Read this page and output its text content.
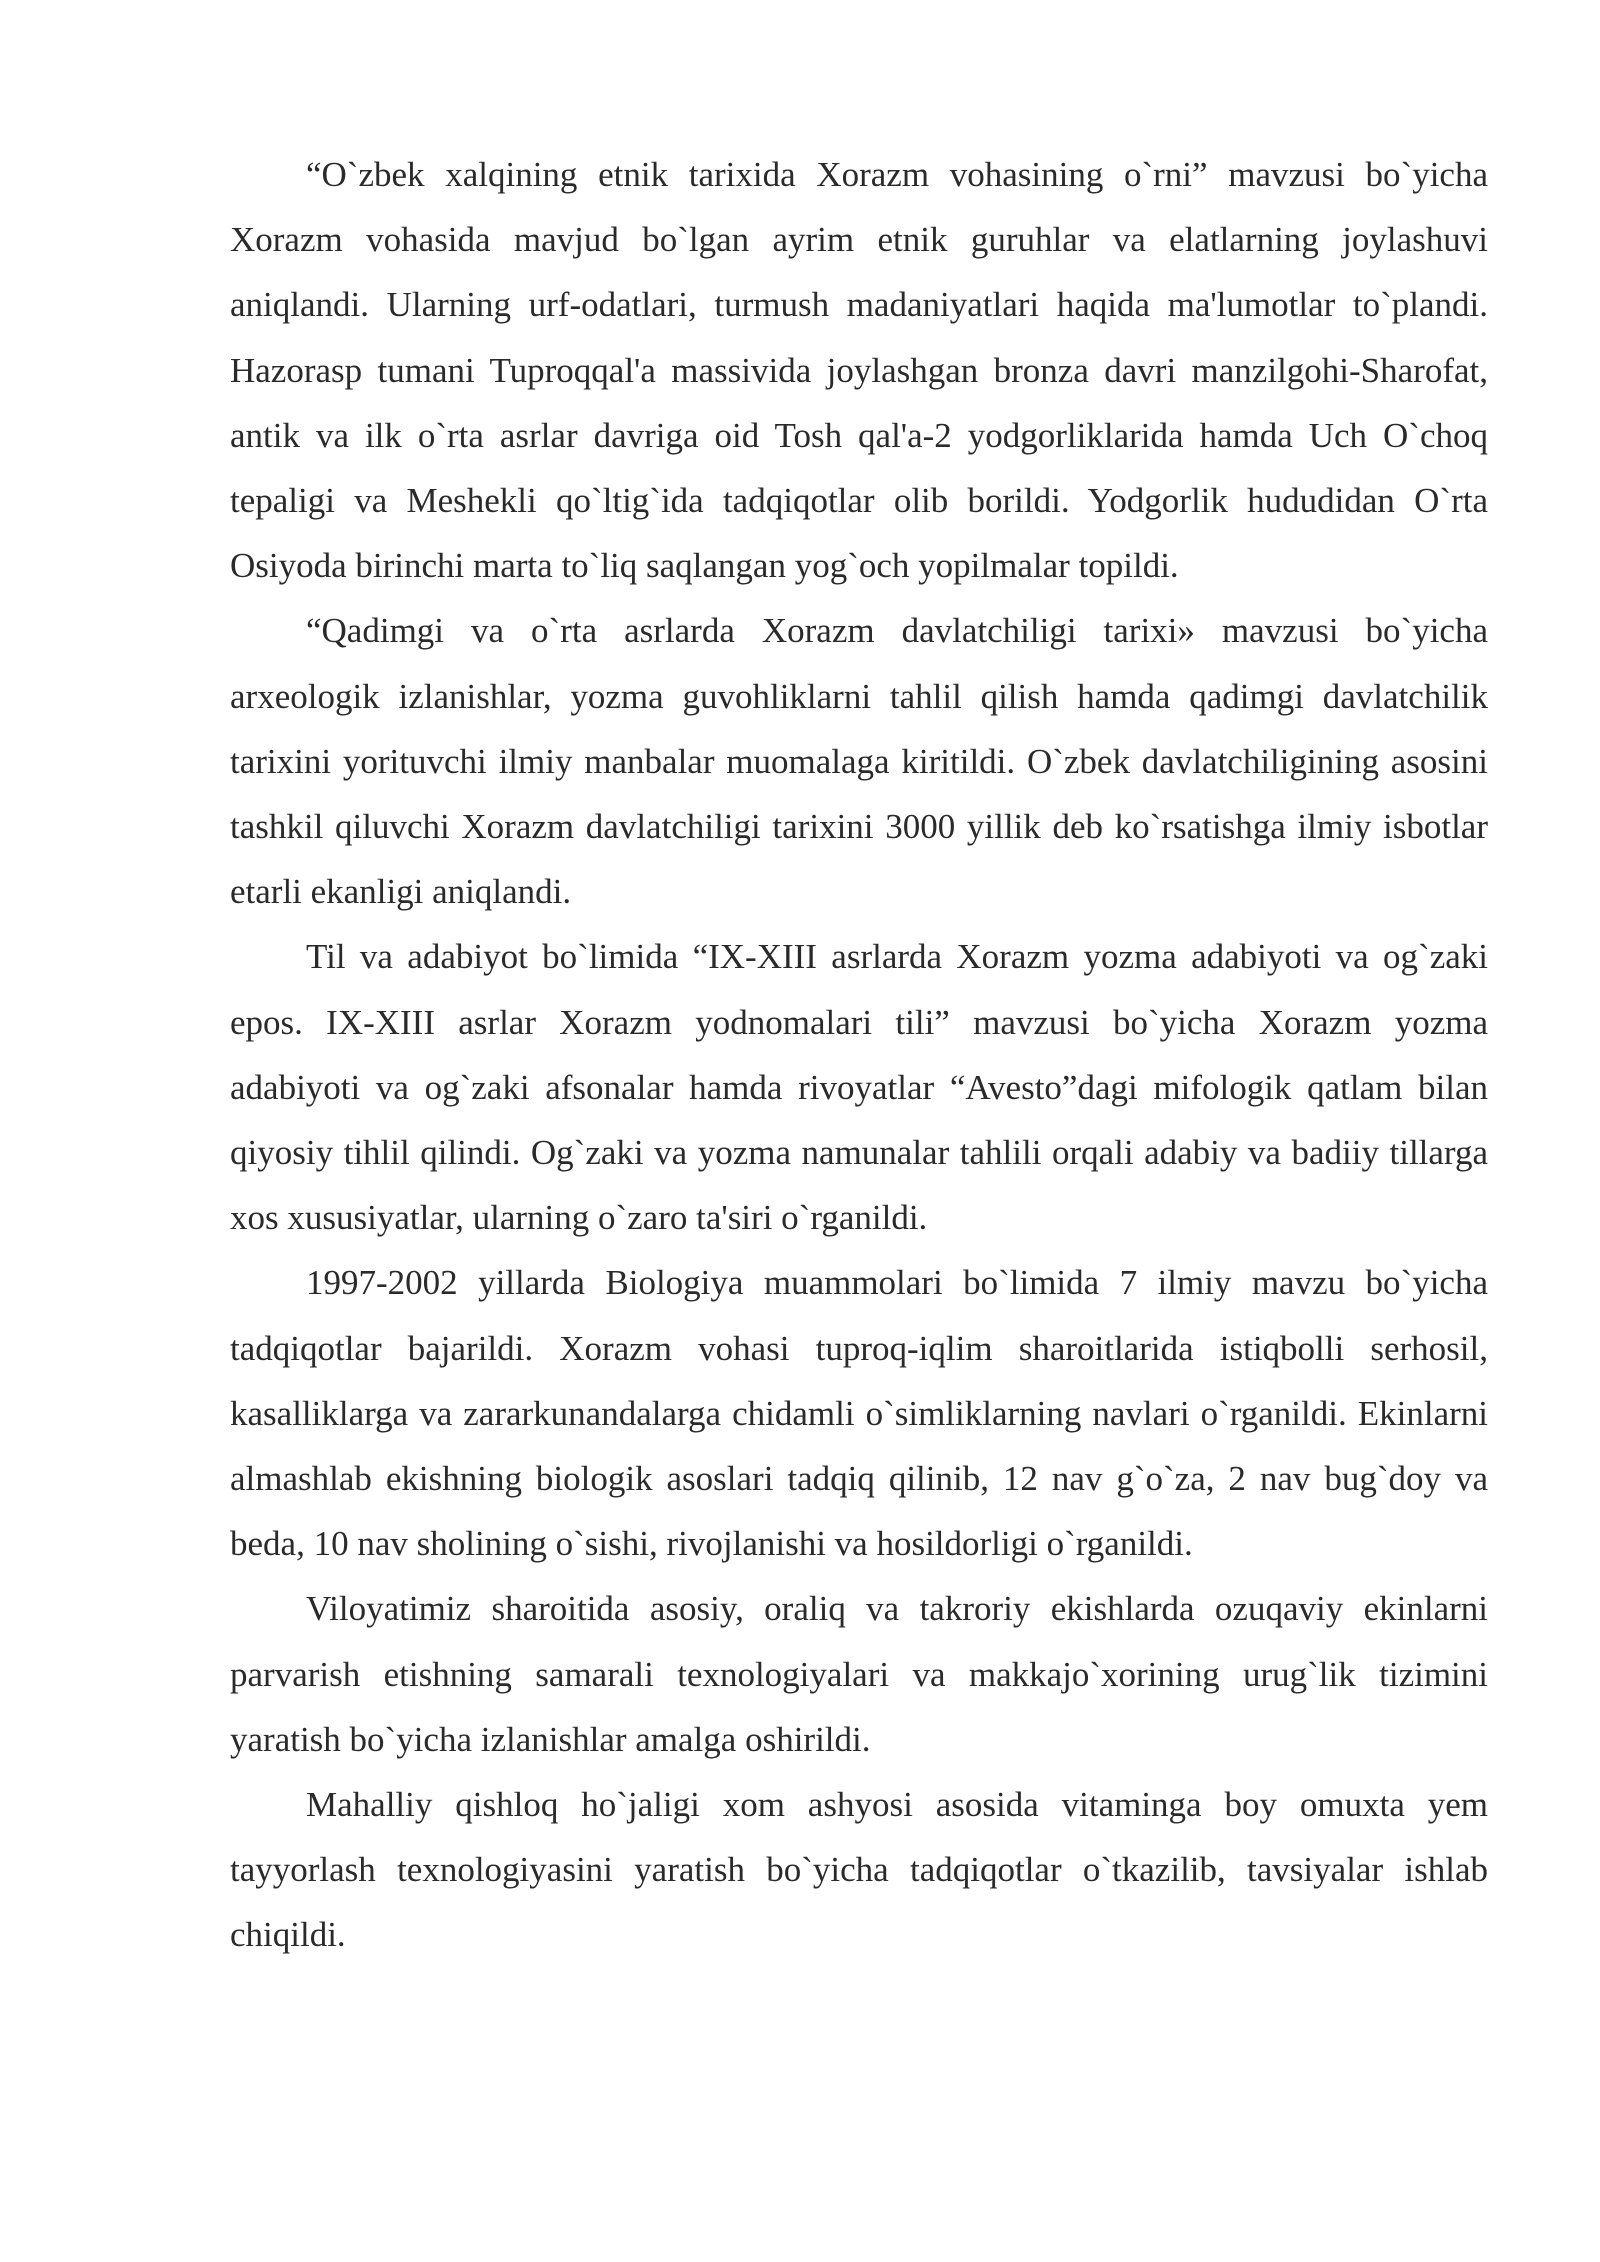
“O`zbek xalqining etnik tarixida Xorazm vohasining o`rni” mavzusi bo`yicha Xorazm vohasida mavjud bo`lgan ayrim etnik guruhlar va elatlarning joylashuvi aniqlandi. Ularning urf-odatlari, turmush madaniyatlari haqida ma'lumotlar to`plandi. Hazorasp tumani Tuproqqal'a massivida joylashgan bronza davri manzilgohi-Sharofat, antik va ilk o`rta asrlar davriga oid Tosh qal'a-2 yodgorliklarida hamda Uch O`choq tepaligi va Meshekli qo`ltig`ida tadqiqotlar olib borildi. Yodgorlik hududidan O`rta Osiyoda birinchi marta to`liq saqlangan yog`och yopilmalar topildi.

“Qadimgi va o`rta asrlarda Xorazm davlatchiligi tarixi» mavzusi bo`yicha arxeologik izlanishlar, yozma guvohliklarni tahlil qilish hamda qadimgi davlatchilik tarixini yorituvchi ilmiy manbalar muomalaga kiritildi. O`zbek davlatchiligining asosini tashkil qiluvchi Xorazm davlatchiligi tarixini 3000 yillik deb ko`rsatishga ilmiy isbotlar etarli ekanligi aniqlandi.

Til va adabiyot bo`limida “IX-XIII asrlarda Xorazm yozma adabiyoti va og`zaki epos. IX-XIII asrlar Xorazm yodnomalari tili” mavzusi bo`yicha Xorazm yozma adabiyoti va og`zaki afsonalar hamda rivoyatlar “Avesto”dagi mifologik qatlam bilan qiyosiy tihlil qilindi. Og`zaki va yozma namunalar tahlili orqali adabiy va badiiy tillarga xos xususiyatlar, ularning o`zaro ta'siri o`rganildi.

1997-2002 yillarda Biologiya muammolari bo`limida 7 ilmiy mavzu bo`yicha tadqiqotlar bajarildi. Xorazm vohasi tuproq-iqlim sharoitlarida istiqbolli serhosil, kasalliklarga va zararkunandalarga chidamli o`simliklarning navlari o`rganildi. Ekinlarni almashlab ekishning biologik asoslari tadqiq qilinib, 12 nav g`o`za, 2 nav bug`doy va beda, 10 nav sholining o`sishi, rivojlanishi va hosildorligi o`rganildi.

Viloyatimiz sharoitida asosiy, oraliq va takroriy ekishlarda ozuqaviy ekinlarni parvarish etishning samarali texnologiyalari va makkajo`xorining urug`lik tizimini yaratish bo`yicha izlanishlar amalga oshirildi.

Mahalliy qishloq ho`jaligi xom ashyosi asosida vitaminga boy omuxta yem tayyorlash texnologiyasini yaratish bo`yicha tadqiqotlar o`tkazilib, tavsiyalar ishlab chiqildi.
